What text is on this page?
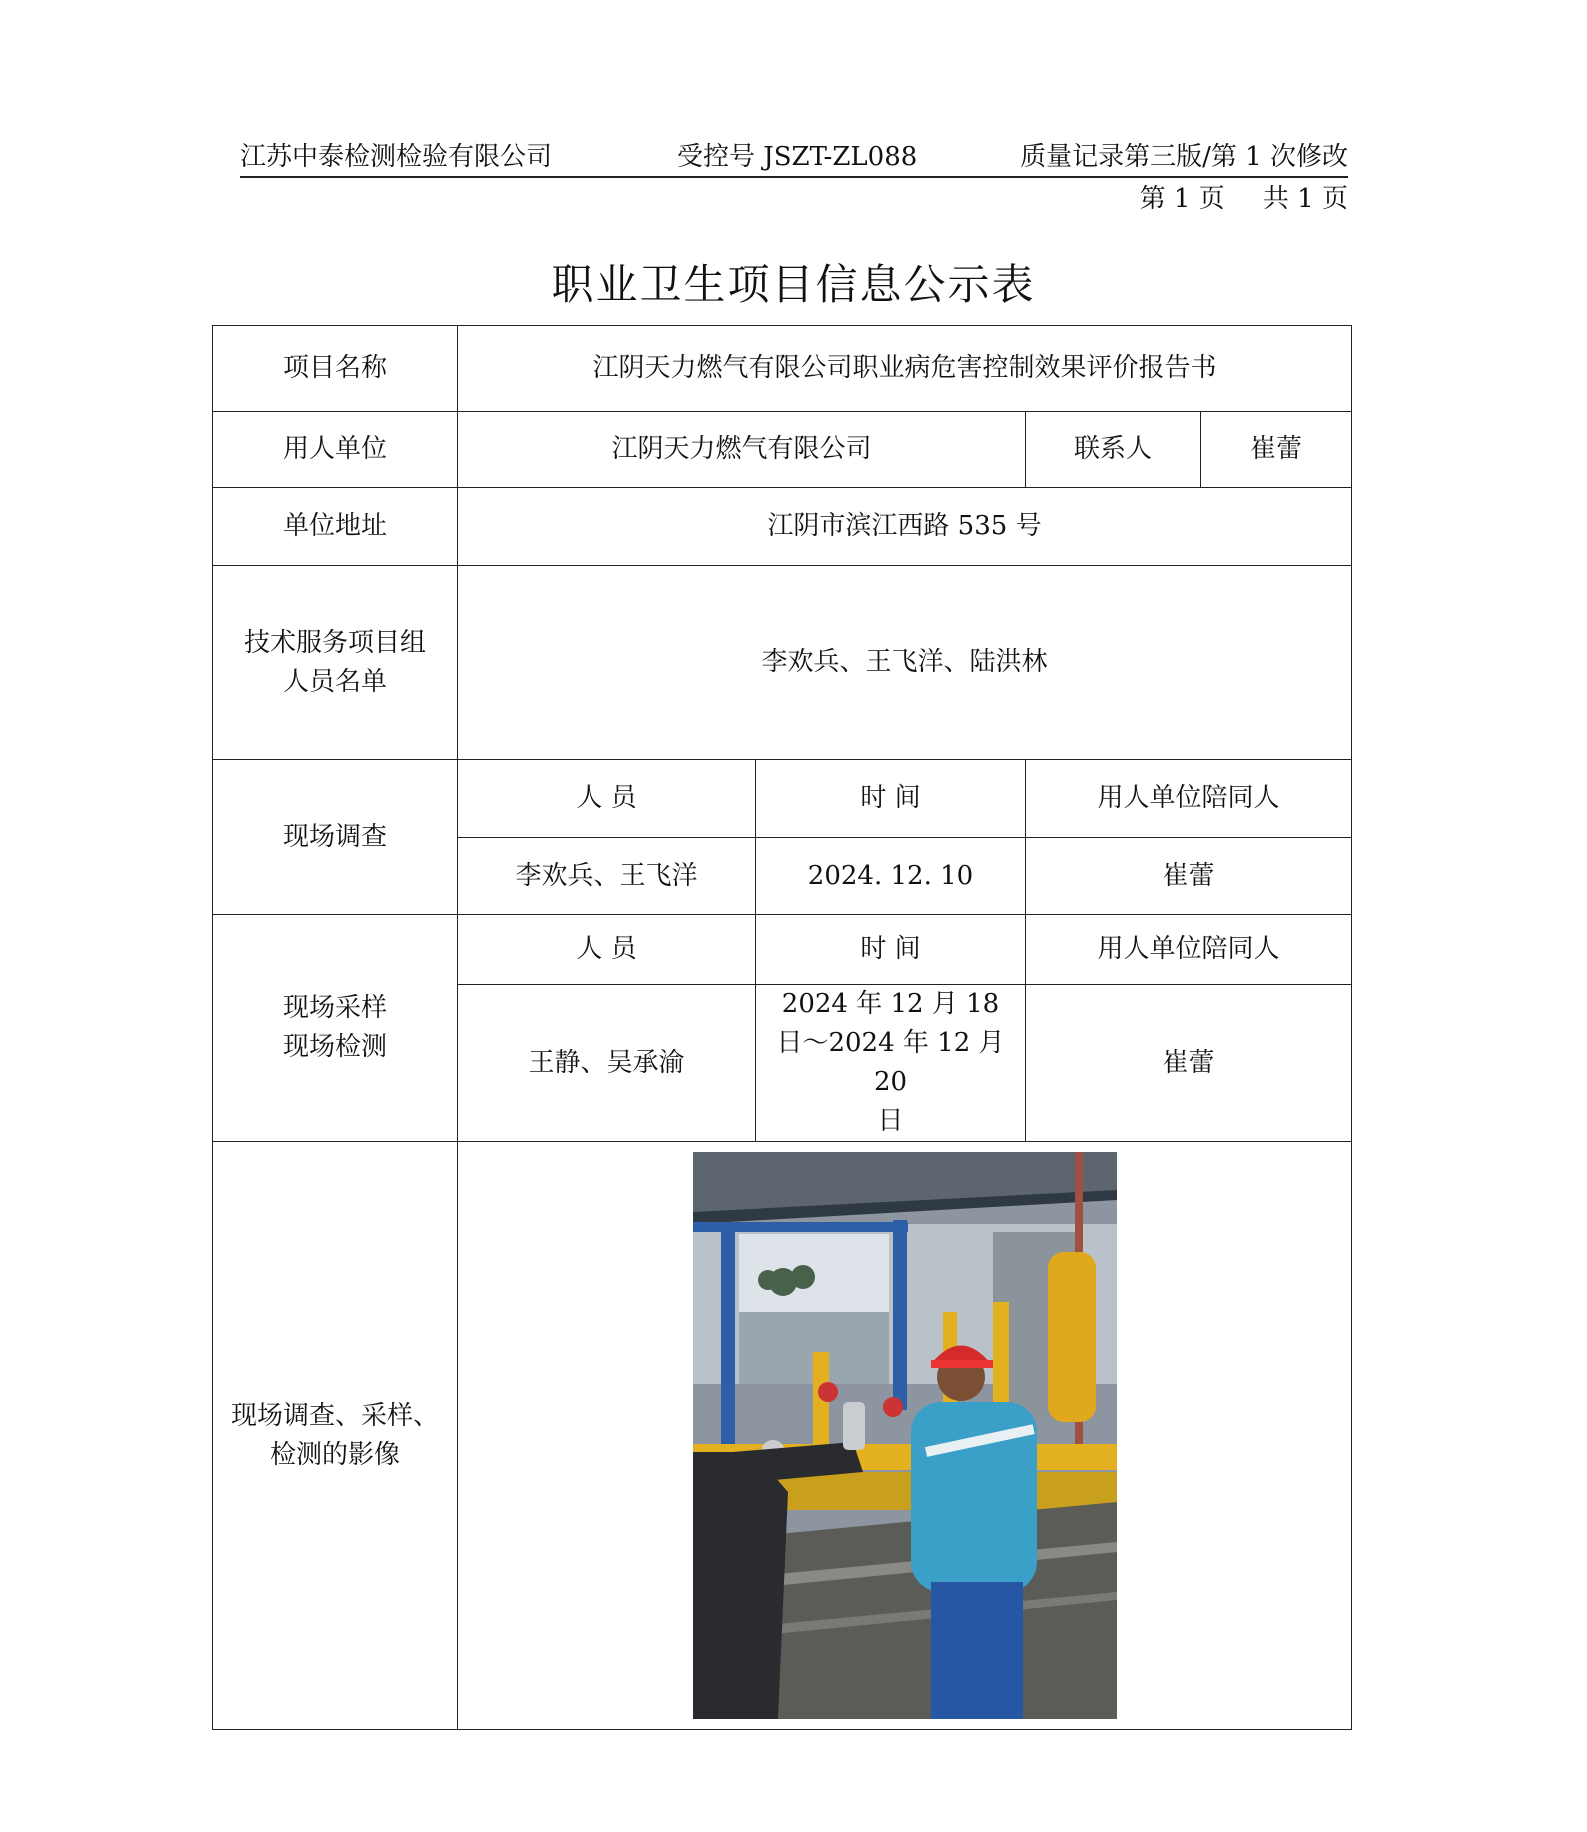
江苏中泰检测检验有限公司	受控号 JSZT-ZL088	质量记录第三版/第 1 次修改
第 1 页 共 1 页
职业卫生项目信息公示表
项目名称	江阴天力燃气有限公司职业病危害控制效果评价报告书			
用人单位	江阴天力燃气有限公司		联系人	崔蕾
单位地址	江阴市滨江西路 535 号			

技术服务项目组
人员名单	李欢兵、王飞洋、陆洪林			
现场调查	人 员	时 间	用人单位陪同人	
	李欢兵、王飞洋	2024. 12. 10	崔蕾	

现场采样
现场检测	人 员	时 间	用人单位陪同人	
	王静、吴承渝	2024 年 12 月 18
日～2024 年 12 月 20
日	崔蕾	

现场调查、采样、
检测的影像
